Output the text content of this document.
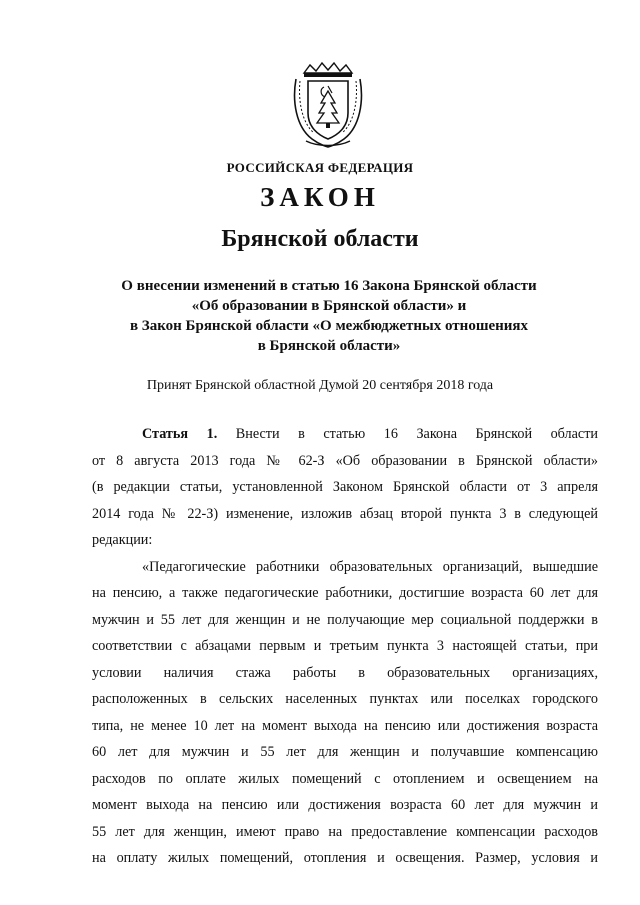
РОССИЙСКАЯ ФЕДЕРАЦИЯ
ЗАКОН
Брянской области
О внесении изменений в статью 16 Закона Брянской области
«Об образовании в Брянской области» и
в Закон Брянской области «О межбюджетных отношениях
в Брянской области»
Принят Брянской областной Думой 20 сентября 2018 года
Статья 1. Внести в статью 16 Закона Брянской области
от 8 августа 2013 года № 62-З «Об образовании в Брянской области»
(в редакции статьи, установленной Законом Брянской области от 3 апреля
2014 года № 22-З) изменение, изложив абзац второй пункта 3 в следующей
редакции:
«Педагогические работники образовательных организаций, вышедшие
на пенсию, а также педагогические работники, достигшие возраста 60 лет для
мужчин и 55 лет для женщин и не получающие мер социальной поддержки в
соответствии с абзацами первым и третьим пункта 3 настоящей статьи, при
условии наличия стажа работы в образовательных организациях,
расположенных в сельских населенных пунктах или поселках городского
типа, не менее 10 лет на момент выхода на пенсию или достижения возраста
60 лет для мужчин и 55 лет для женщин и получавшие компенсацию
расходов по оплате жилых помещений с отоплением и освещением на
момент выхода на пенсию или достижения возраста 60 лет для мужчин и
55 лет для женщин, имеют право на предоставление компенсации расходов
на оплату жилых помещений, отопления и освещения. Размер, условия и
